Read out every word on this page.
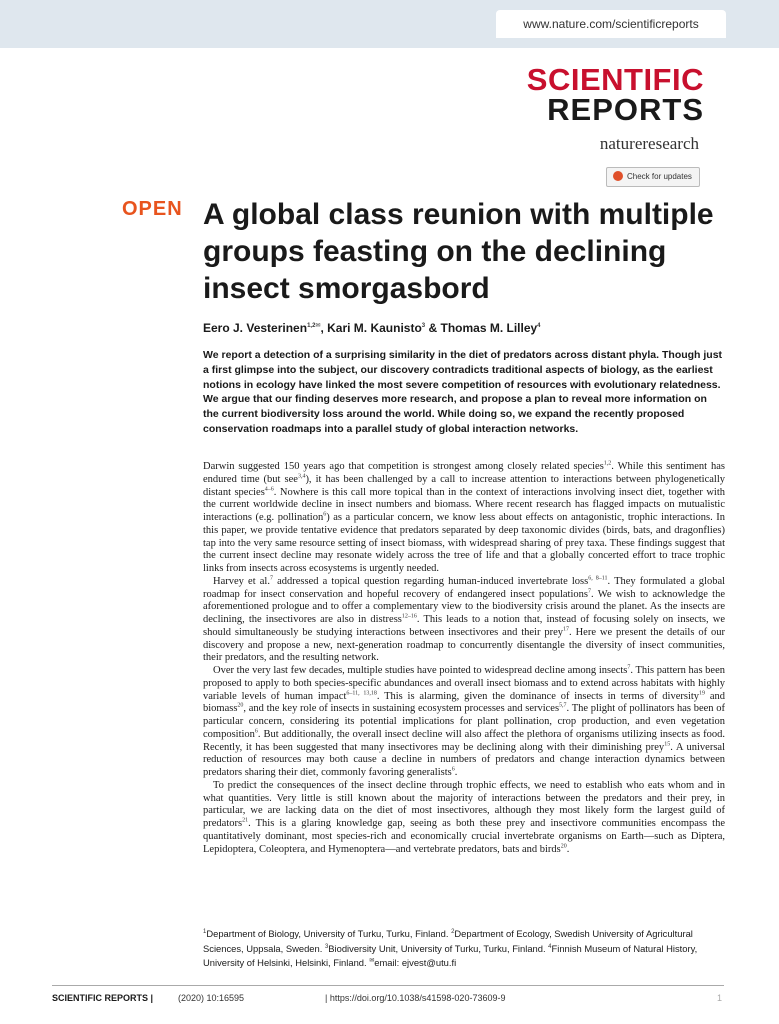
www.nature.com/scientificreports
SCIENTIFIC
REPORTS
natureresearch
Check for updates
OPEN A global class reunion with multiple groups feasting on the declining insect smorgasbord
Eero J. Vesterinen$^{1,2✉}$, Kari M. Kaunisto$^3$ & Thomas M. Lilley$^4$

We report a detection of a surprising similarity in the diet of predators across distant phyla. Though just a first glimpse into the subject, our discovery contradicts traditional aspects of biology, as the earliest notions in ecology have linked the most severe competition of resources with evolutionary relatedness. We argue that our finding deserves more research, and propose a plan to reveal more information on the current biodiversity loss around the world. While doing so, we expand the recently proposed conservation roadmaps into a parallel study of global interaction networks.

Darwin suggested 150 years ago that competition is strongest among closely related species$^{1,2}$. While this sentiment has endured time (but see$^{3,4}$), it has been challenged by a call to increase attention to interactions between phylogenetically distant species$^{4-6}$. Nowhere is this call more topical than in the context of interactions involving insect diet, together with the current worldwide decline in insect numbers and biomass. Where recent research has flagged impacts on mutualistic interactions (e.g. pollination$^6$) as a particular concern, we know less about effects on antagonistic, trophic interactions. In this paper, we provide tentative evidence that predators separated by deep taxonomic divides (birds, bats, and dragonflies) tap into the very same resource setting of insect biomass, with widespread sharing of prey taxa. These findings suggest that the current insect decline may resonate widely across the tree of life and that a globally concerted effort to trace trophic links from insects across ecosystems is urgently needed.

Harvey et al.$^7$ addressed a topical question regarding human-induced invertebrate loss$^{6, 8-11}$. They formulated a global roadmap for insect conservation and hopeful recovery of endangered insect populations$^7$. We wish to acknowledge the aforementioned prologue and to offer a complementary view to the biodiversity crisis around the planet. As the insects are declining, the insectivores are also in distress$^{12-16}$. This leads to a notion that, instead of focusing solely on insects, we should simultaneously be studying interactions between insectivores and their prey$^{17}$. Here we present the details of our discovery and propose a new, next-generation roadmap to concurrently disentangle the diversity of insect communities, their predators, and the resulting network.

Over the very last few decades, multiple studies have pointed to widespread decline among insects$^7$. This pattern has been proposed to apply to both species-specific abundances and overall insect biomass and to extend across habitats with highly variable levels of human impact$^{6-11, 13,18}$. This is alarming, given the dominance of insects in terms of diversity$^{19}$ and biomass$^{20}$, and the key role of insects in sustaining ecosystem processes and services$^{5,7}$. The plight of pollinators has been of particular concern, considering its potential implications for plant pollination, crop production, and even vegetation composition$^6$. But additionally, the overall insect decline will also affect the plethora of organisms utilizing insects as food. Recently, it has been suggested that many insectivores may be declining along with their diminishing prey$^{15}$. A universal reduction of resources may both cause a decline in numbers of predators and change interaction dynamics between predators sharing their diet, commonly favoring generalists$^6$.

To predict the consequences of the insect decline through trophic effects, we need to establish who eats whom and in what quantities. Very little is still known about the majority of interactions between the predators and their prey, in particular, we are lacking data on the diet of most insectivores, although they most likely form the largest guild of predators$^{21}$. This is a glaring knowledge gap, seeing as both these prey and insectivore communities encompass the quantitatively dominant, most species-rich and economically crucial invertebrate organisms on Earth—such as Diptera, Lepidoptera, Coleoptera, and Hymenoptera—and vertebrate predators, bats and birds$^{20}$.

$^1$Department of Biology, University of Turku, Turku, Finland. $^2$Department of Ecology, Swedish University of Agricultural Sciences, Uppsala, Sweden. $^3$Biodiversity Unit, University of Turku, Turku, Finland. $^4$Finnish Museum of Natural History, University of Helsinki, Helsinki, Finland. ✉email: ejvest@utu.fi

SCIENTIFIC REPORTS |	(2020) 10:16595	| https://doi.org/10.1038/s41598-020-73609-9	1
